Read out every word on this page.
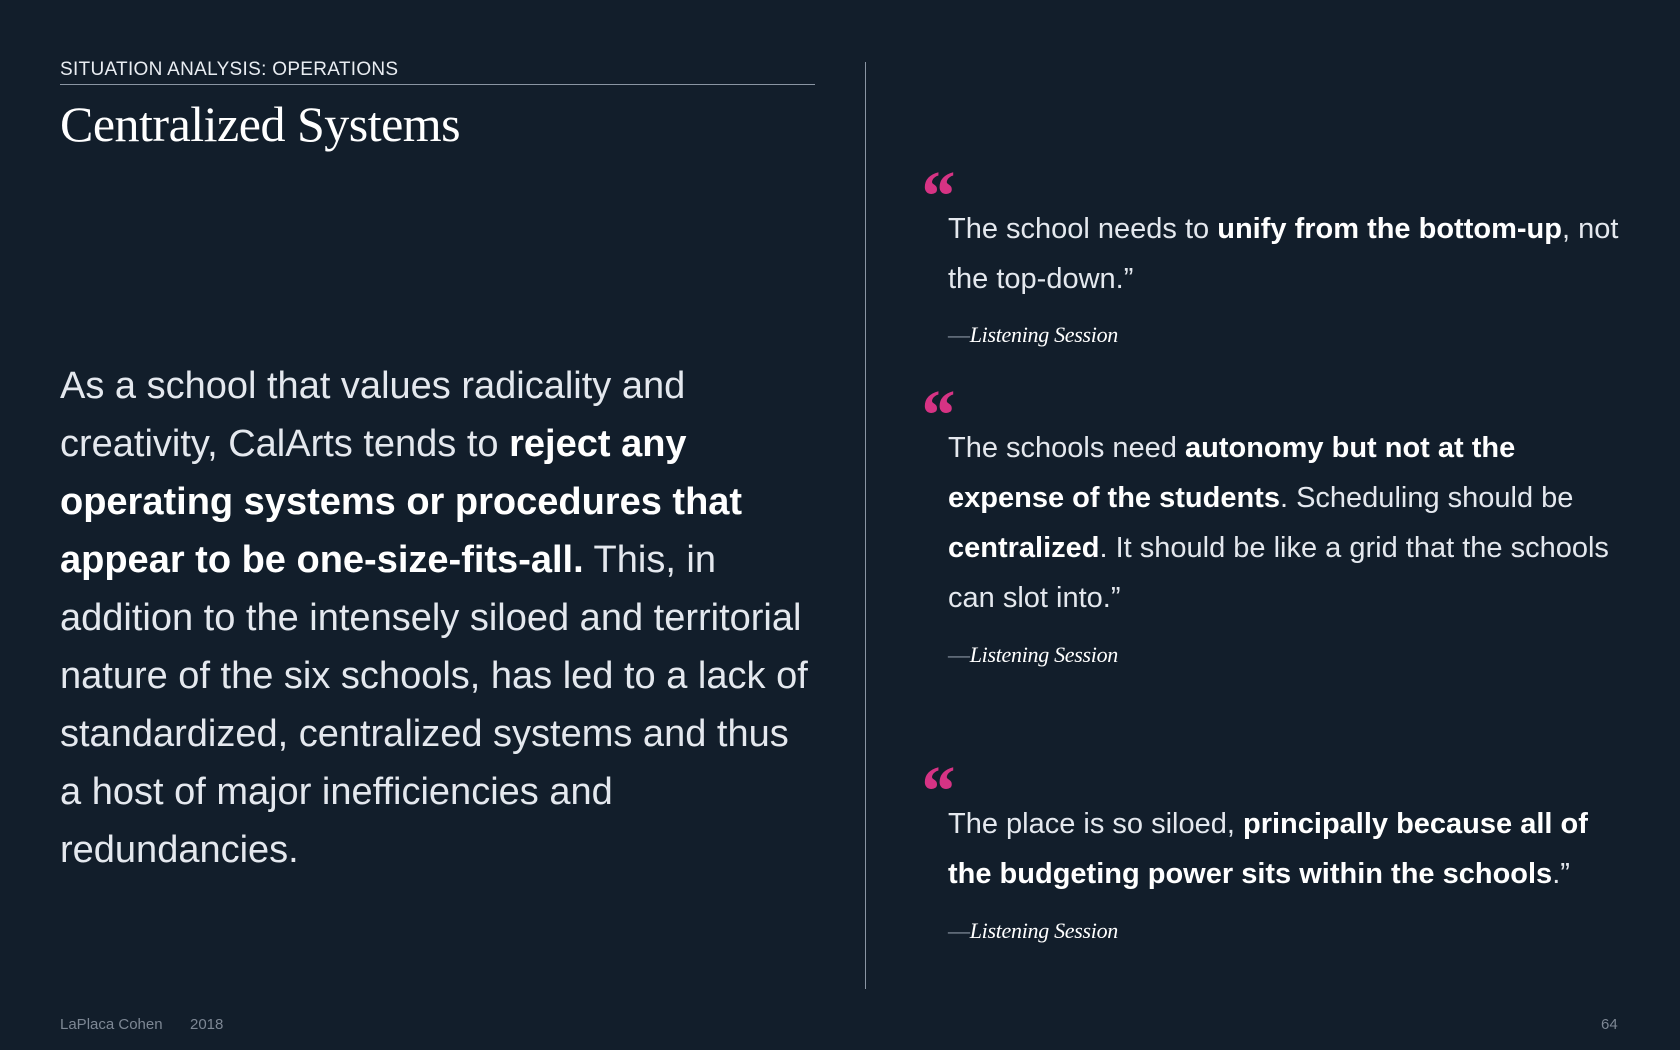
SITUATION ANALYSIS: OPERATIONS
Centralized Systems

As a school that values radicality and creativity, CalArts tends to reject any operating systems or procedures that appear to be one-size-fits-all. This, in addition to the intensely siloed and territorial nature of the six schools, has led to a lack of standardized, centralized systems and thus a host of major inefficiencies and redundancies.

“

The school needs to unify from the bottom-up, not the top-down.”

—Listening Session
“

The schools need autonomy but not at the expense of the students. Scheduling should be centralized. It should be like a grid that the schools can slot into.”

—Listening Session
“

The place is so siloed, principally because all of the budgeting power sits within the schools.”

—Listening Session
LaPlaca Cohen 2018	64
